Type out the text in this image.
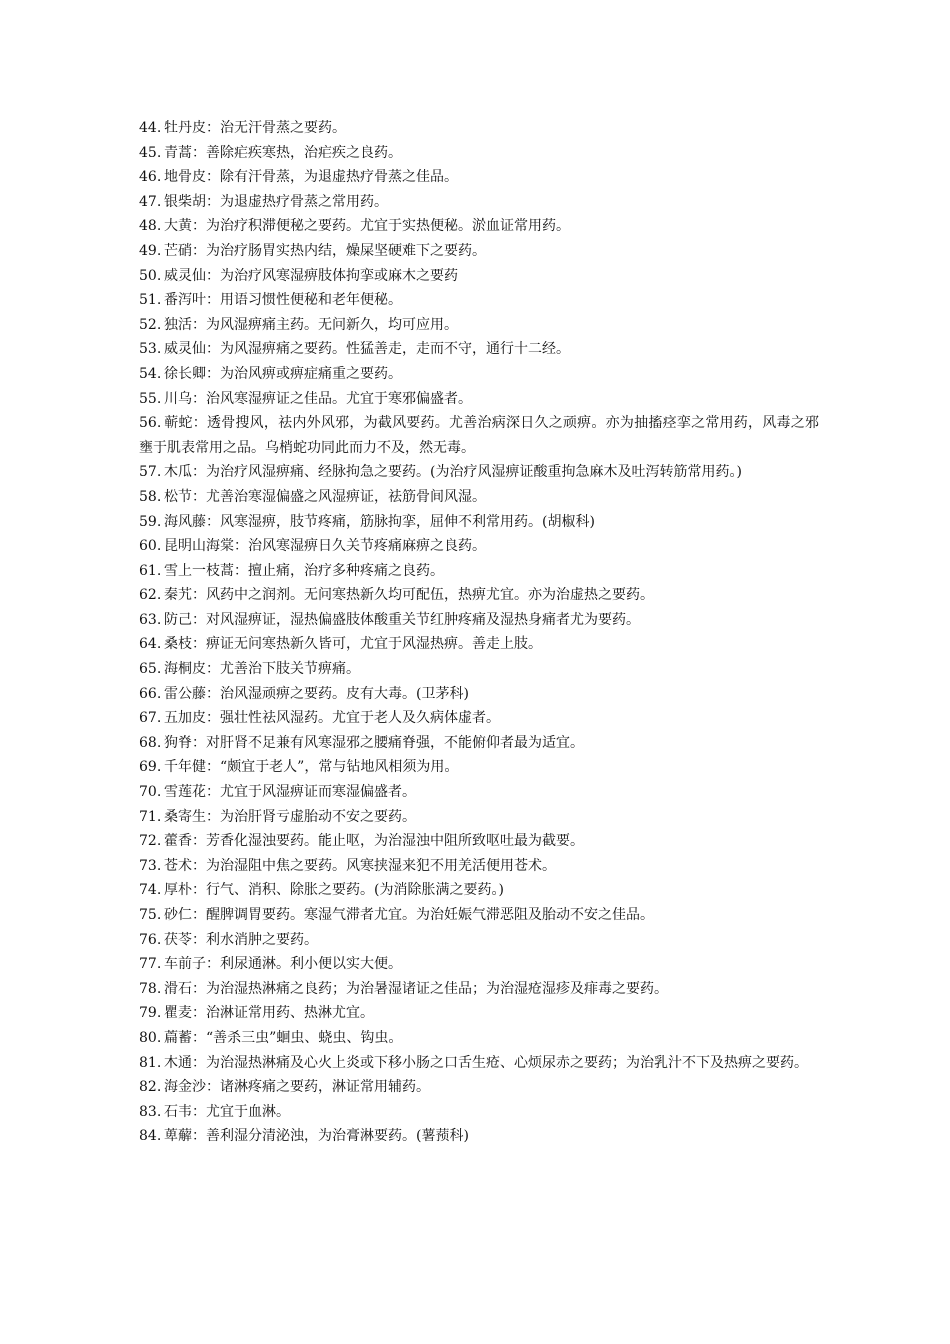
44. 牡丹皮：治无汗骨蒸之要药。
45. 青蒿：善除疟疾寒热，治疟疾之良药。
46. 地骨皮：除有汗骨蒸，为退虚热疗骨蒸之佳品。
47. 银柴胡：为退虚热疗骨蒸之常用药。
48. 大黄：为治疗积滞便秘之要药。尤宜于实热便秘。淤血证常用药。
49. 芒硝：为治疗肠胃实热内结，燥屎坚硬难下之要药。
50. 威灵仙：为治疗风寒湿痹肢体拘挛或麻木之要药
51. 番泻叶：用语习惯性便秘和老年便秘。
52. 独活：为风湿痹痛主药。无问新久，均可应用。
53. 威灵仙：为风湿痹痛之要药。性猛善走，走而不守，通行十二经。
54. 徐长卿：为治风痹或痹症痛重之要药。
55. 川乌：治风寒湿痹证之佳品。尤宜于寒邪偏盛者。
56. 蕲蛇：透骨搜风，祛内外风邪，为截风要药。尤善治病深日久之顽痹。亦为抽搐痉挛之常用药，风毒之邪壅于肌表常用之品。乌梢蛇功同此而力不及，然无毒。
57. 木瓜：为治疗风湿痹痛、经脉拘急之要药。(为治疗风湿痹证酸重拘急麻木及吐泻转筋常用药。)
58. 松节：尤善治寒湿偏盛之风湿痹证，祛筋骨间风湿。
59. 海风藤：风寒湿痹，肢节疼痛，筋脉拘挛，屈伸不利常用药。(胡椒科)
60. 昆明山海棠：治风寒湿痹日久关节疼痛麻痹之良药。
61. 雪上一枝蒿：擅止痛，治疗多种疼痛之良药。
62. 秦艽：风药中之润剂。无问寒热新久均可配伍，热痹尤宜。亦为治虚热之要药。
63. 防己：对风湿痹证，湿热偏盛肢体酸重关节红肿疼痛及湿热身痛者尤为要药。
64. 桑枝：痹证无问寒热新久皆可，尤宜于风湿热痹。善走上肢。
65. 海桐皮：尤善治下肢关节痹痛。
66. 雷公藤：治风湿顽痹之要药。皮有大毒。(卫茅科)
67. 五加皮：强壮性祛风湿药。尤宜于老人及久病体虚者。
68. 狗脊：对肝肾不足兼有风寒湿邪之腰痛脊强，不能俯仰者最为适宜。
69. 千年健：“颇宜于老人”，常与钻地风相须为用。
70. 雪莲花：尤宜于风湿痹证而寒湿偏盛者。
71. 桑寄生：为治肝肾亏虚胎动不安之要药。
72. 藿香：芳香化湿浊要药。能止呕，为治湿浊中阻所致呕吐最为截要。
73. 苍术：为治湿阻中焦之要药。风寒挟湿来犯不用羌活便用苍术。
74. 厚朴：行气、消积、除胀之要药。(为消除胀满之要药。)
75. 砂仁：醒脾调胃要药。寒湿气滞者尤宜。为治妊娠气滞恶阻及胎动不安之佳品。
76. 茯苓：利水消肿之要药。
77. 车前子：利尿通淋。利小便以实大便。
78. 滑石：为治湿热淋痛之良药；为治暑湿诸证之佳品；为治湿疮湿疹及痱毒之要药。
79. 瞿麦：治淋证常用药、热淋尤宜。
80. 萹蓄：“善杀三虫”蛔虫、蛲虫、钩虫。
81. 木通：为治湿热淋痛及心火上炎或下移小肠之口舌生疮、心烦尿赤之要药；为治乳汁不下及热痹之要药。
82. 海金沙：诸淋疼痛之要药，淋证常用辅药。
83. 石韦：尤宜于血淋。
84. 萆薢：善利湿分清泌浊，为治膏淋要药。(薯蓣科)
